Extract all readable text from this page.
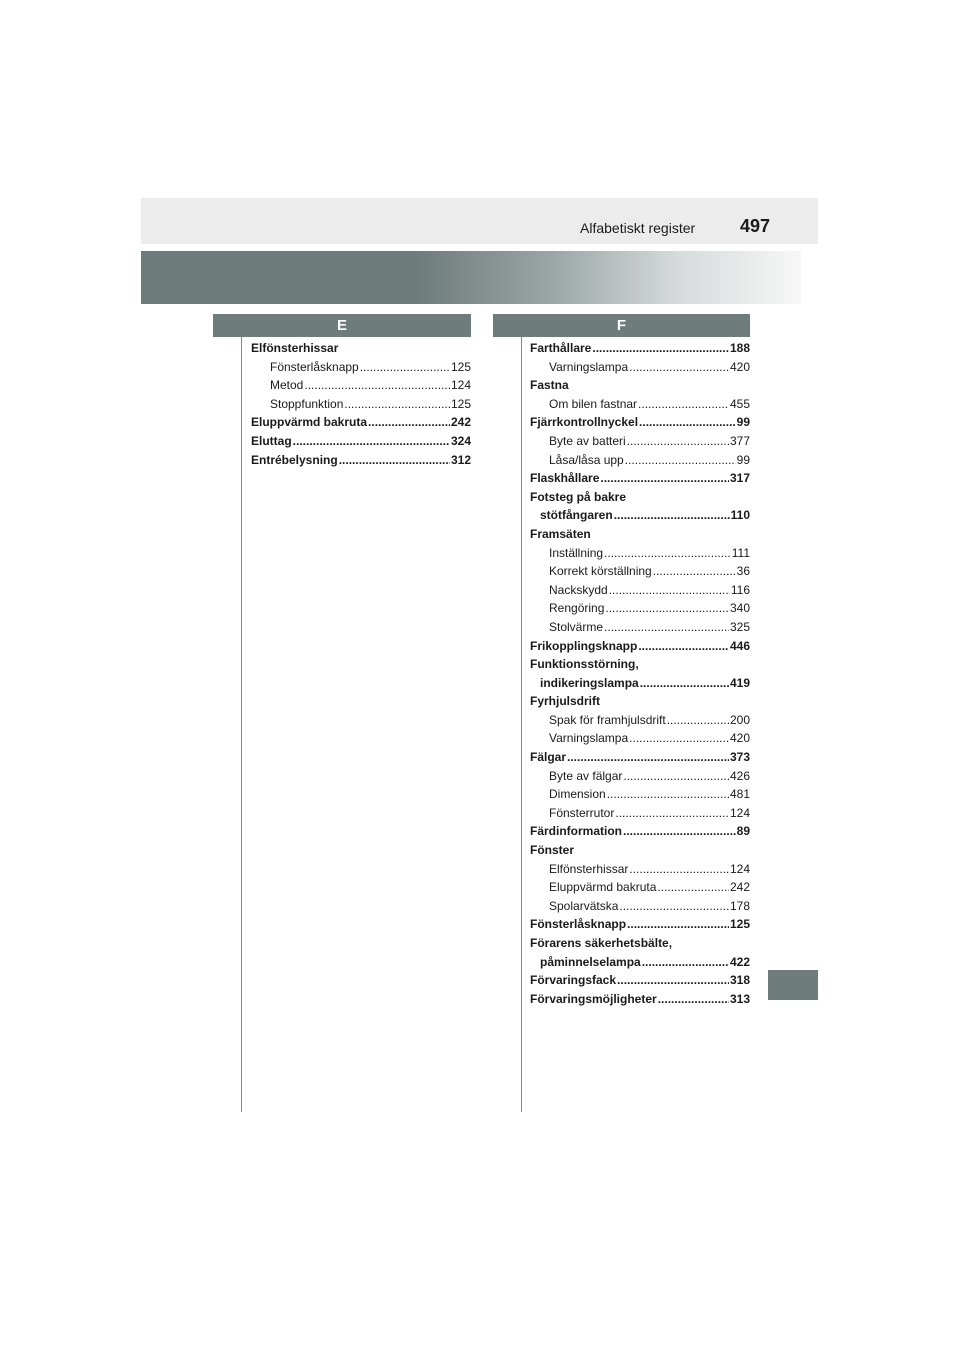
Alfabetiskt register 497
E	F
Elfönsterhissar
Fönsterlåsknapp .....	125
Metod .....	124
Stoppfunktion .....	125
Eluppvärmd bakruta .....	242
Eluttag .....	324
Entrébelysning .....	312
Farthållare .....	188
Varningslampa .....	420
Fastna
Om bilen fastnar .....	455
Fjärrkontrollnyckel .....	99
Byte av batteri .....	377
Låsa/låsa upp .....	99
Flaskhållare .....	317
Fotsteg på bakre
stötfångaren .....	110
Framsäten
Inställning .....	111
Korrekt körställning .....	36
Nackskydd .....	116
Rengöring .....	340
Stolvärme .....	325
Frikopplingsknapp .....	446
Funktionsstörning,
indikeringslampa .....	419
Fyrhjulsdrift
Spak för framhjulsdrift .....	200
Varningslampa .....	420
Fälgar .....	373
Byte av fälgar .....	426
Dimension .....	481
Fönsterrutor .....	124
Färdinformation .....	89
Fönster
Elfönsterhissar .....	124
Eluppvärmd bakruta .....	242
Spolarvätska .....	178
Fönsterlåsknapp .....	125
Förarens säkerhetsbälte,
påminnelselampa .....	422
Förvaringsfack .....	318
Förvaringsmöjligheter .....	313
